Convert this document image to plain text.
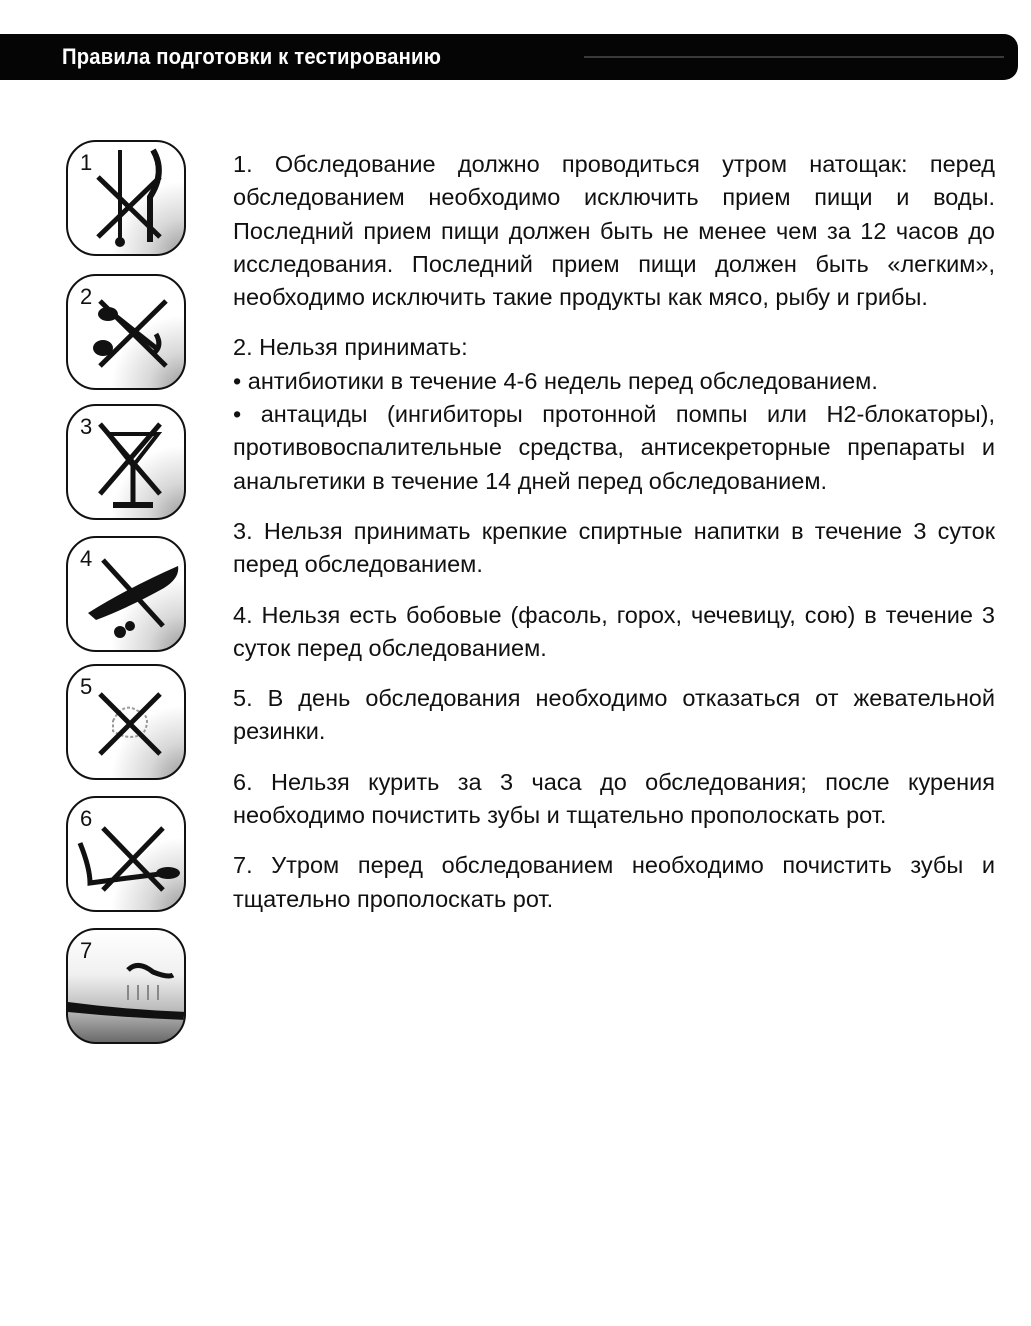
Правила подготовки к тестированию
1
2
3
4
5
6
7

1. Обследование должно проводиться утром натощак: перед обследованием необходимо исключить прием пищи и воды. Последний прием пищи должен быть не менее чем за 12 часов до исследования. Последний прием пищи должен быть «легким», необходимо исключить такие продукты как мясо, рыбу и грибы.

2. Нельзя принимать:

• антибиотики в течение 4-6 недель перед обследованием.

• антациды (ингибиторы протонной помпы или Н2-блокаторы), противовоспалительные средства, антисекреторные препараты и анальгетики в течение 14 дней перед обследованием.

3. Нельзя принимать крепкие спиртные напитки в течение 3 суток перед обследованием.

4. Нельзя есть бобовые (фасоль, горох, чечевицу, сою) в течение 3 суток перед обследованием.

5. В день обследования необходимо отказаться от жевательной резинки.

6. Нельзя курить за 3 часа до обследования; после курения необходимо почистить зубы и тщательно прополоскать рот.

7. Утром перед обследованием необходимо почистить зубы и тщательно прополоскать рот.
